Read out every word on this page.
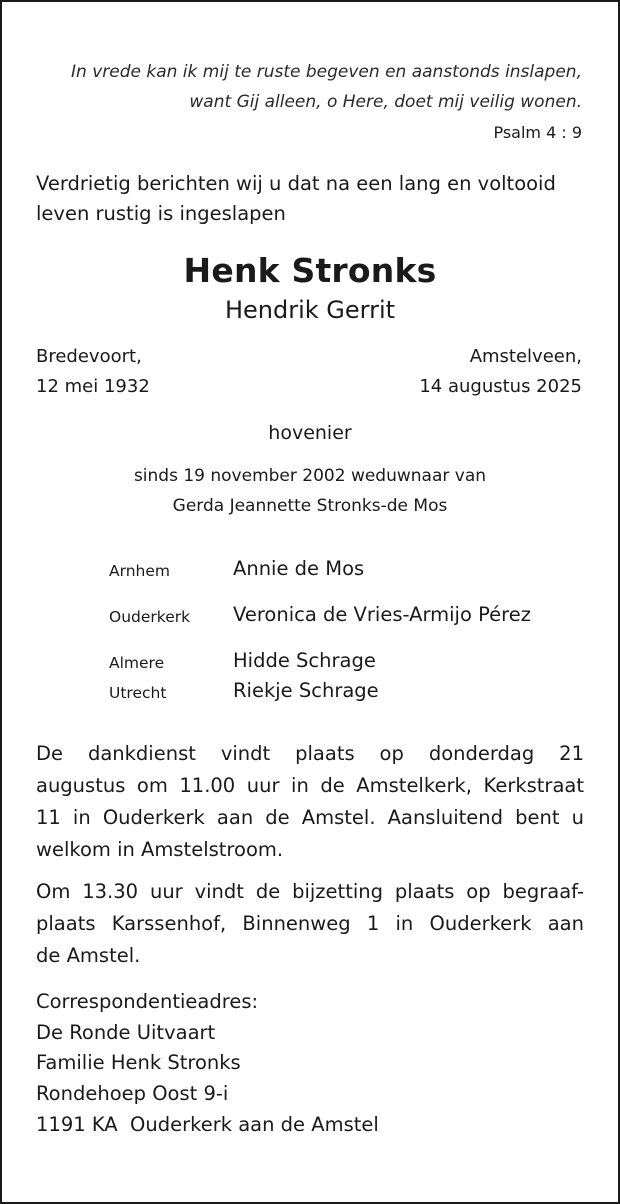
In vrede kan ik mij te ruste begeven en aanstonds inslapen,
want Gij alleen, o Here, doet mij veilig wonen.
Psalm 4 : 9
Verdrietig berichten wij u dat na een lang en voltooid
leven rustig is ingeslapen
Henk Stronks
Hendrik Gerrit
Bredevoort,
12 mei 1932
Amstelveen,
14 augustus 2025
hovenier
sinds 19 november 2002 weduwnaar van
Gerda Jeannette Stronks-de Mos
Arnhem	Annie de Mos
Ouderkerk Veronica de Vries-Armijo Pérez
Almere	Hidde Schrage
Utrecht	Riekje Schrage
De dankdienst vindt plaats op donderdag 21
augustus om 11.00 uur in de Amstelkerk, Kerkstraat
11 in Ouderkerk aan de Amstel. Aansluitend bent u
welkom in Amstelstroom.
Om 13.30 uur vindt de bijzetting plaats op begraaf-
plaats Karssenhof, Binnenweg 1 in Ouderkerk aan
de Amstel.
Correspondentieadres:
De Ronde Uitvaart
Familie Henk Stronks
Rondehoep Oost 9-i
1191 KA  Ouderkerk aan de Amstel
